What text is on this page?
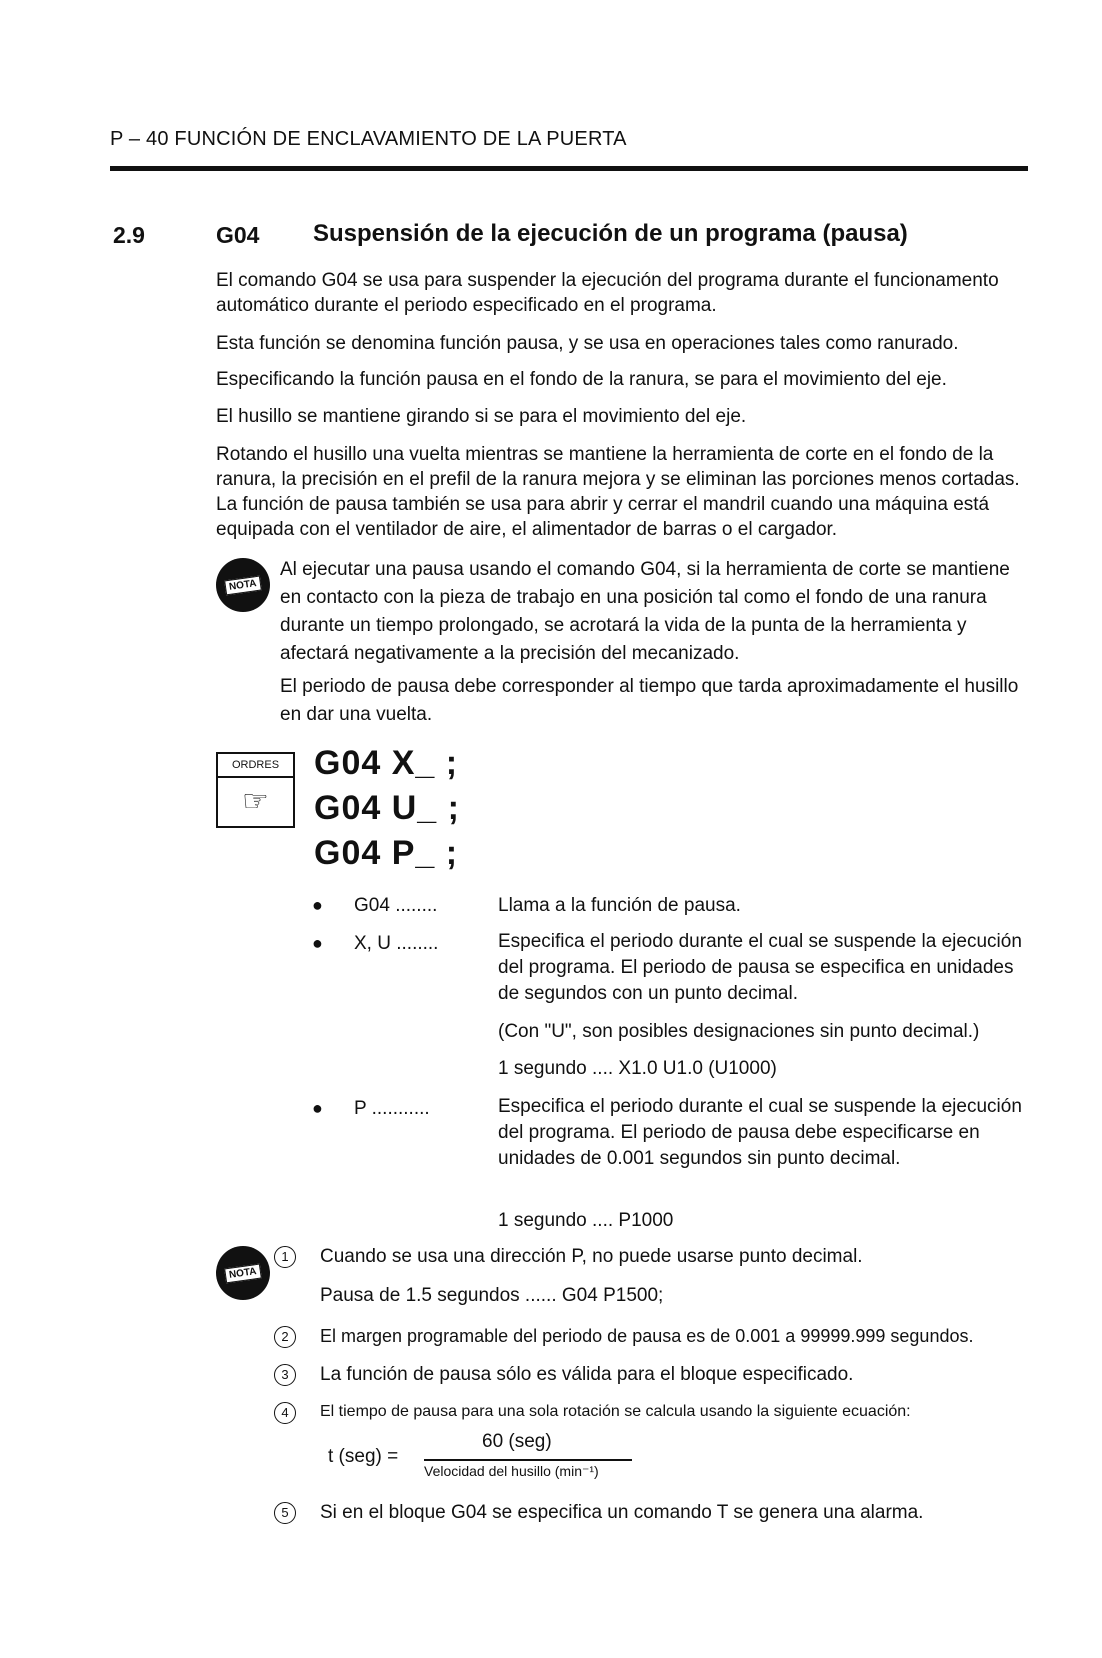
P – 40 FUNCIÓN DE ENCLAVAMIENTO DE LA PUERTA
2.9	G04 Suspensión de la ejecución de un programa (pausa)
El comando G04 se usa para suspender la ejecución del programa durante el funcionamento automático durante el periodo especificado en el programa.
Esta función se denomina función pausa, y se usa en operaciones tales como ranurado.
Especificando la función pausa en el fondo de la ranura, se para el movimiento del eje.
El husillo se mantiene girando si se para el movimiento del eje.
Rotando el husillo una vuelta mientras se mantiene la herramienta de corte en el fondo de la ranura, la precisión en el prefil de la ranura mejora y se eliminan las porciones menos cortadas. La función de pausa también se usa para abrir y cerrar el mandril cuando una máquina está equipada con el ventilador de aire, el alimentador de barras o el cargador.
NOTA
Al ejecutar una pausa usando el comando G04, si la herramienta de corte se mantiene en contacto con la pieza de trabajo en una posición tal como el fondo de una ranura durante un tiempo prolongado, se acrotará la vida de la punta de la herramienta y afectará negativamente a la precisión del mecanizado.
El periodo de pausa debe corresponder al tiempo que tarda aproximadamente el husillo en dar una vuelta.
ORDRES
☞
G04 X_ ;
G04 U_ ;
G04 P_ ;
● G04 ........	Llama a la función de pausa.
● X, U ........	Especifica el periodo durante el cual se suspende la ejecución del programa. El periodo de pausa se especifica en unidades de segundos con un punto decimal.
(Con "U", son posibles designaciones sin punto decimal.)
1 segundo .... X1.0 U1.0 (U1000)
● P ...........	Especifica el periodo durante el cual se suspende la ejecución del programa. El periodo de pausa debe especificarse en unidades de 0.001 segundos sin punto decimal.
1 segundo .... P1000
NOTA
1	Cuando se usa una dirección P, no puede usarse punto decimal.
Pausa de 1.5 segundos ...... G04 P1500;
2	El margen programable del periodo de pausa es de 0.001 a 99999.999 segundos.
3	La función de pausa sólo es válida para el bloque especificado.
4	El tiempo de pausa para una sola rotación se calcula usando la siguiente ecuación:
t (seg) =
60 (seg)
Velocidad del husillo (min⁻¹)
5	Si en el bloque G04 se especifica un comando T se genera una alarma.
